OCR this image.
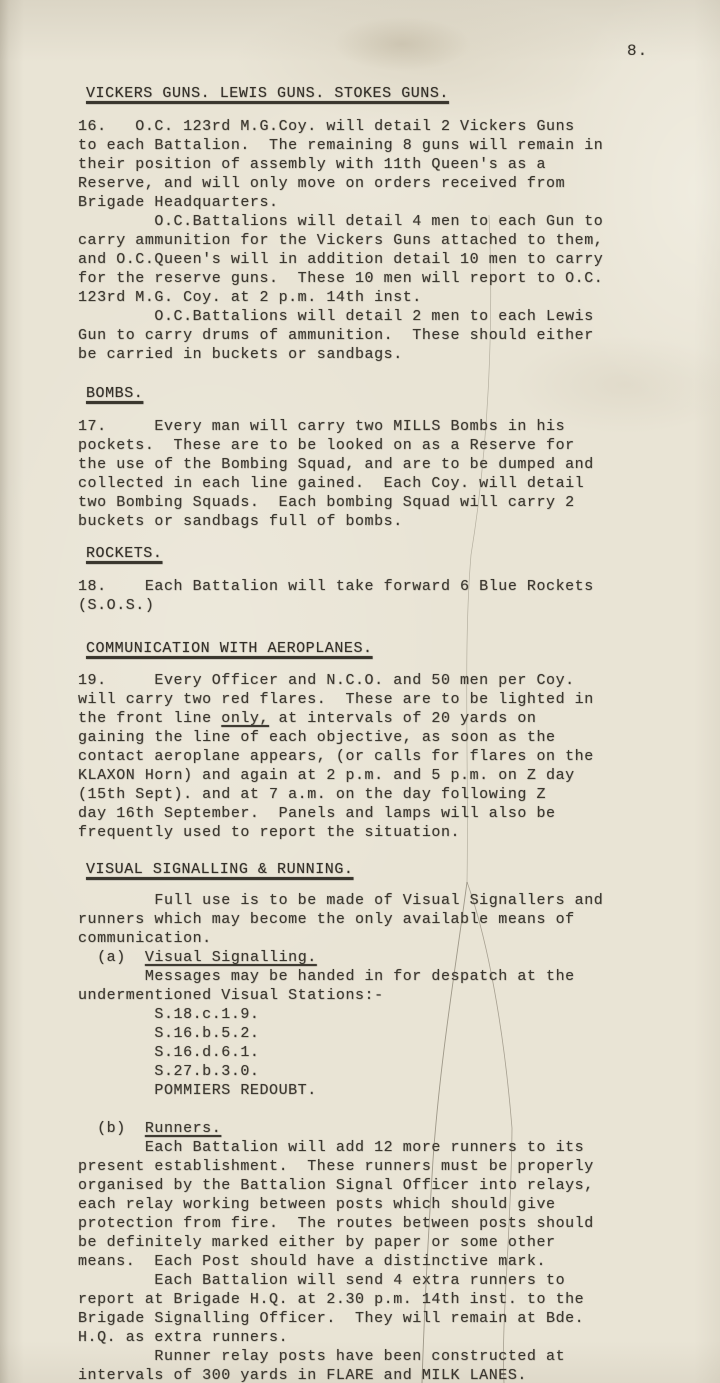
8.
VICKERS GUNS. LEWIS GUNS. STOKES GUNS.
16.   O.C. 123rd M.G.Coy. will detail 2 Vickers Guns
to each Battalion.  The remaining 8 guns will remain in
their position of assembly with 11th Queen's as a
Reserve, and will only move on orders received from
Brigade Headquarters.
O.C.Battalions will detail 4 men to each Gun to
carry ammunition for the Vickers Guns attached to them,
and O.C.Queen's will in addition detail 10 men to carry
for the reserve guns.  These 10 men will report to O.C.
123rd M.G. Coy. at 2 p.m. 14th inst.
O.C.Battalions will detail 2 men to each Lewis
Gun to carry drums of ammunition.  These should either
be carried in buckets or sandbags.
BOMBS.
17.     Every man will carry two MILLS Bombs in his
pockets.  These are to be looked on as a Reserve for
the use of the Bombing Squad, and are to be dumped and
collected in each line gained.  Each Coy. will detail
two Bombing Squads.  Each bombing Squad will carry 2
buckets or sandbags full of bombs.
ROCKETS.
18.    Each Battalion will take forward 6 Blue Rockets
(S.O.S.)
COMMUNICATION WITH AEROPLANES.
19.     Every Officer and N.C.O. and 50 men per Coy.
will carry two red flares.  These are to be lighted in
the front line only, at intervals of 20 yards on
gaining the line of each objective, as soon as the
contact aeroplane appears, (or calls for flares on the
KLAXON Horn) and again at 2 p.m. and 5 p.m. on Z day
(15th Sept). and at 7 a.m. on the day following Z
day 16th September.  Panels and lamps will also be
frequently used to report the situation.
VISUAL SIGNALLING & RUNNING.
Full use is to be made of Visual Signallers and
runners which may become the only available means of
communication.
(a)  Visual Signalling.
Messages may be handed in for despatch at the
undermentioned Visual Stations:-
S.18.c.1.9.
S.16.b.5.2.
S.16.d.6.1.
S.27.b.3.0.
POMMIERS REDOUBT.
(b)  Runners.
Each Battalion will add 12 more runners to its
present establishment.  These runners must be properly
organised by the Battalion Signal Officer into relays,
each relay working between posts which should give
protection from fire.  The routes between posts should
be definitely marked either by paper or some other
means.  Each Post should have a distinctive mark.
Each Battalion will send 4 extra runners to
report at Brigade H.Q. at 2.30 p.m. 14th inst. to the
Brigade Signalling Officer.  They will remain at Bde.
H.Q. as extra runners.
Runner relay posts have been constructed at
intervals of 300 yards in FLARE and MILK LANES.
